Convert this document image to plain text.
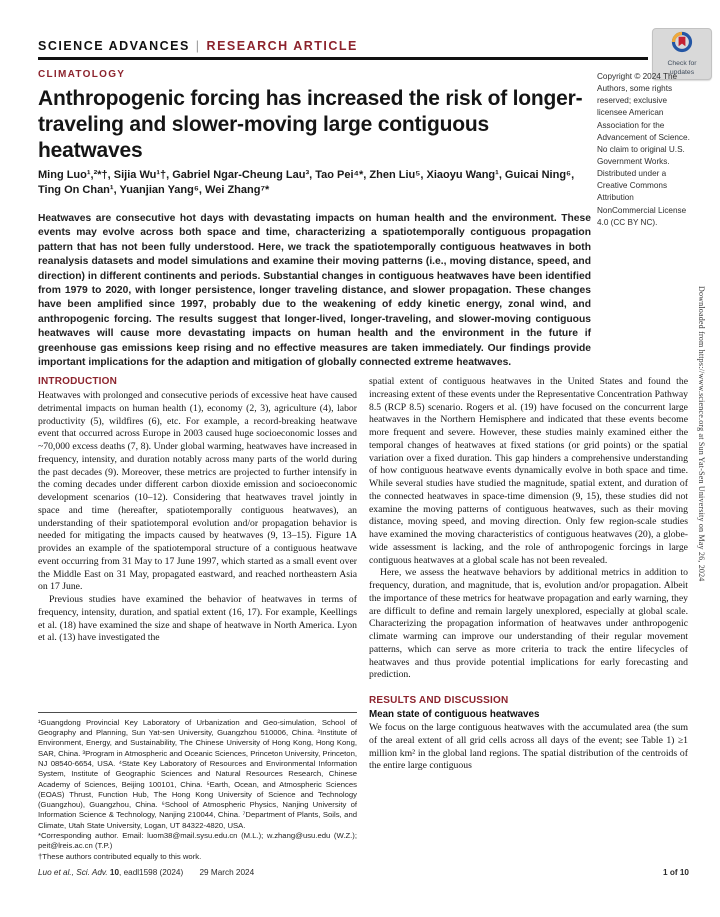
SCIENCE ADVANCES | RESEARCH ARTICLE
Check for updates
CLIMATOLOGY
Anthropogenic forcing has increased the risk of longer-traveling and slower-moving large contiguous heatwaves
Ming Luo¹,²*†, Sijia Wu¹†, Gabriel Ngar-Cheung Lau³, Tao Pei⁴*, Zhen Liu⁵, Xiaoyu Wang¹, Guicai Ning⁶, Ting On Chan¹, Yuanjian Yang⁶, Wei Zhang⁷*
Heatwaves are consecutive hot days with devastating impacts on human health and the environment. These events may evolve across both space and time, characterizing a spatiotemporally contiguous propagation pattern that has not been fully understood. Here, we track the spatiotemporally contiguous heatwaves in both reanalysis datasets and model simulations and examine their moving patterns (i.e., moving distance, speed, and direction) in different continents and periods. Substantial changes in contiguous heatwaves have been identified from 1979 to 2020, with longer persistence, longer traveling distance, and slower propagation. These changes have been amplified since 1997, probably due to the weakening of eddy kinetic energy, zonal wind, and anthropogenic forcing. The results suggest that longer-lived, longer-traveling, and slower-moving contiguous heatwaves will cause more devastating impacts on human health and the environment in the future if greenhouse gas emissions keep rising and no effective measures are taken immediately. Our findings provide important implications for the adaption and mitigation of globally connected extreme heatwaves.
Copyright © 2024 The Authors, some rights reserved; exclusive licensee American Association for the Advancement of Science. No claim to original U.S. Government Works. Distributed under a Creative Commons Attribution NonCommercial License 4.0 (CC BY NC).
INTRODUCTION

Heatwaves with prolonged and consecutive periods of excessive heat have caused detrimental impacts on human health (1), economy (2, 3), agriculture (4), labor productivity (5), wildfires (6), etc. For example, a record-breaking heatwave event that occurred across Europe in 2003 caused huge socioeconomic losses and ~70,000 excess deaths (7, 8). Under global warming, heatwaves have increased in frequency, intensity, and duration notably across many parts of the world during the past decades (9). Moreover, these metrics are projected to further intensify in the coming decades under different carbon dioxide emission and socioeconomic development scenarios (10–12). Considering that heatwaves travel jointly in space and time (hereafter, spatiotemporally contiguous heatwaves), an understanding of their spatiotemporal evolution and/or propagation behavior is needed for mitigating the impacts caused by heatwaves (9, 13–15). Figure 1A provides an example of the spatiotemporal structure of a contiguous heatwave event occurring from 31 May to 17 June 1997, which started as a small event over the Middle East on 31 May, propagated eastward, and reached northeastern Asia on 17 June.

Previous studies have examined the behavior of heatwaves in terms of frequency, intensity, duration, and spatial extent (16, 17). For example, Keellings et al. (18) have examined the size and shape of heatwave in North America. Lyon et al. (13) have investigated the

¹Guangdong Provincial Key Laboratory of Urbanization and Geo-simulation, School of Geography and Planning, Sun Yat-sen University, Guangzhou 510006, China. ²Institute of Environment, Energy, and Sustainability, The Chinese University of Hong Kong, Hong Kong, SAR, China. ³Program in Atmospheric and Oceanic Sciences, Princeton University, Princeton, NJ 08540-6654, USA. ⁴State Key Laboratory of Resources and Environmental Information System, Institute of Geographic Sciences and Natural Resources Research, Chinese Academy of Sciences, Beijing 100101, China. ⁵Earth, Ocean, and Atmospheric Sciences (EOAS) Thrust, Function Hub, The Hong Kong University of Science and Technology (Guangzhou), Guangzhou, China. ⁶School of Atmospheric Physics, Nanjing University of Information Science & Technology, Nanjing 210044, China. ⁷Department of Plants, Soils, and Climate, Utah State University, Logan, UT 84322-4820, USA.

*Corresponding author. Email: luom38@mail.sysu.edu.cn (M.L.); w.zhang@usu.edu (W.Z.); peit@lreis.ac.cn (T.P.)

†These authors contributed equally to this work.

spatial extent of contiguous heatwaves in the United States and found the increasing extent of these events under the Representative Concentration Pathway 8.5 (RCP 8.5) scenario. Rogers et al. (19) have focused on the concurrent large heatwaves in the Northern Hemisphere and indicated that these events become more frequent and severe. However, these studies mainly examined either the temporal changes of heatwaves at fixed stations (or grid points) or the spatial variation over a fixed duration. This gap hinders a comprehensive understanding of how contiguous heatwave events dynamically evolve in both space and time. While several studies have studied the magnitude, spatial extent, and duration of the connected heatwaves in space-time dimension (9, 15), these studies did not examine the moving patterns of contiguous heatwaves, such as their moving distance, moving speed, and moving direction. Only few region-scale studies have examined the moving characteristics of contiguous heatwaves (20), a globe-wide assessment is lacking, and the role of anthropogenic forcings in large contiguous heatwaves at a global scale has not been revealed.

Here, we assess the heatwave behaviors by additional metrics in addition to frequency, duration, and magnitude, that is, evolution and/or propagation. Albeit the importance of these metrics for heatwave propagation and early warning, they are difficult to define and remain largely unexplored, especially at global scale. Characterizing the propagation information of heatwaves under anthropogenic climate warming can improve our understanding of their regular movement patterns, which can serve as more criteria to track the entire lifecycles of heatwaves and thus provide potential implications for early forecasting and prediction.

RESULTS AND DISCUSSION
Mean state of contiguous heatwaves

We focus on the large contiguous heatwaves with the accumulated area (the sum of the areal extent of all grid cells across all days of the event; see Table 1) ≥1 million km² in the global land regions. The spatial distribution of the centroids of the entire large contiguous

Luo et al., Sci. Adv. 10, eadl1598 (2024) 29 March 2024	1 of 10
Downloaded from https://www.science.org at Sun Yat-Sen University on May 26, 2024
